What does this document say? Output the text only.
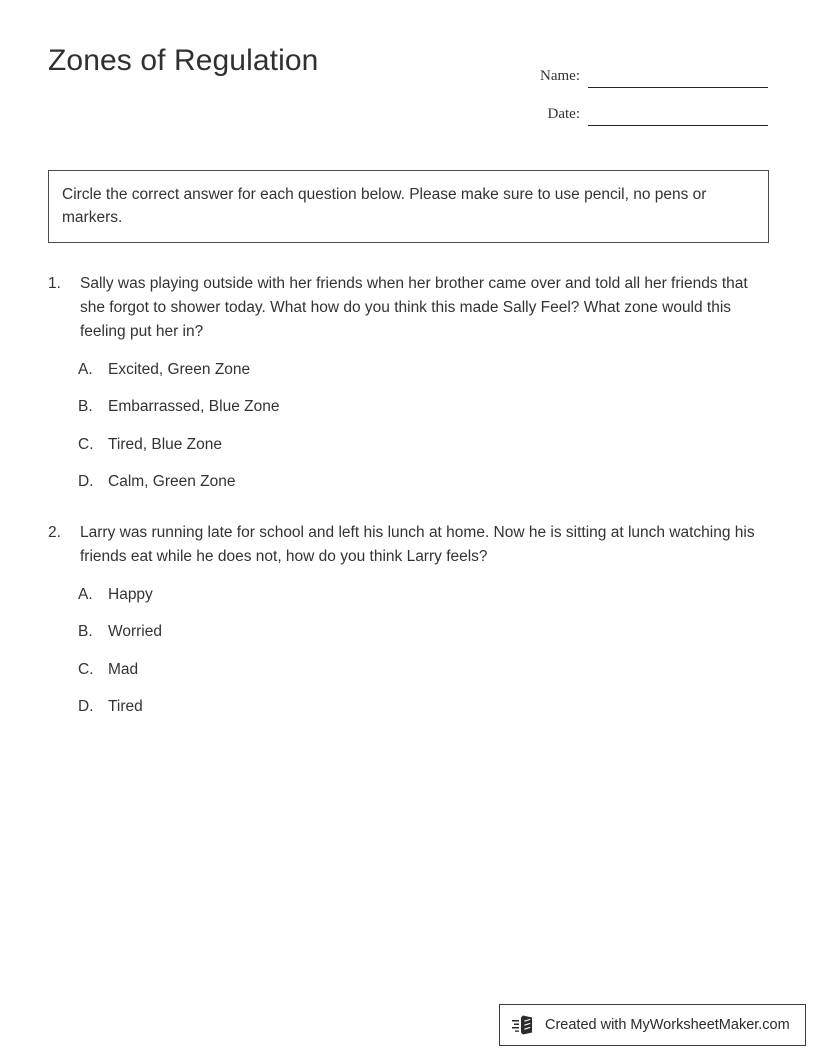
Zones of Regulation	Name:
Date:
Circle the correct answer for each question below. Please make sure to use pencil, no pens or markers.
1.	Sally was playing outside with her friends when her brother came over and told all her friends that she forgot to shower today. What how do you think this made Sally Feel? What zone would this feeling put her in?
A. Excited, Green Zone
B. Embarrassed, Blue Zone
C. Tired, Blue Zone
D. Calm, Green Zone
2.	Larry was running late for school and left his lunch at home. Now he is sitting at lunch watching his friends eat while he does not, how do you think Larry feels?
A. Happy
B. Worried
C. Mad
D. Tired
Created with MyWorksheetMaker.com
